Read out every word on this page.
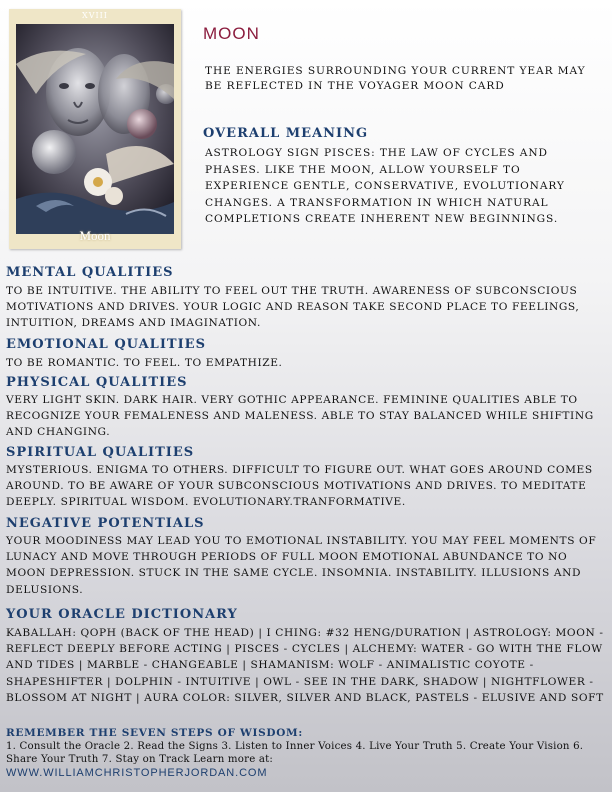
XVIII
Moon
MOON

THE ENERGIES SURROUNDING YOUR CURRENT YEAR MAY BE REFLECTED IN THE VOYAGER MOON CARD

OVERALL MEANING

ASTROLOGY SIGN PISCES: THE LAW OF CYCLES AND PHASES. LIKE THE MOON, ALLOW YOURSELF TO EXPERIENCE GENTLE, CONSERVATIVE, EVOLUTIONARY CHANGES. A TRANSFORMATION IN WHICH NATURAL COMPLETIONS CREATE INHERENT NEW BEGINNINGS.

MENTAL QUALITIES

TO BE INTUITIVE. THE ABILITY TO FEEL OUT THE TRUTH. AWARENESS OF SUBCONSCIOUS MOTIVATIONS AND DRIVES. YOUR LOGIC AND REASON TAKE SECOND PLACE TO FEELINGS, INTUITION, DREAMS AND IMAGINATION.

EMOTIONAL QUALITIES

TO BE ROMANTIC. TO FEEL. TO EMPATHIZE.

PHYSICAL QUALITIES

VERY LIGHT SKIN. DARK HAIR. VERY GOTHIC APPEARANCE. FEMININE QUALITIES ABLE TO RECOGNIZE YOUR FEMALENESS AND MALENESS. ABLE TO STAY BALANCED WHILE SHIFTING AND CHANGING.

SPIRITUAL QUALITIES

MYSTERIOUS. ENIGMA TO OTHERS. DIFFICULT TO FIGURE OUT. WHAT GOES AROUND COMES AROUND. TO BE AWARE OF YOUR SUBCONSCIOUS MOTIVATIONS AND DRIVES. TO MEDITATE DEEPLY. SPIRITUAL WISDOM. EVOLUTIONARY.TRANFORMATIVE.

NEGATIVE POTENTIALS

YOUR MOODINESS MAY LEAD YOU TO EMOTIONAL INSTABILITY. YOU MAY FEEL MOMENTS OF LUNACY AND MOVE THROUGH PERIODS OF FULL MOON EMOTIONAL ABUNDANCE TO NO MOON DEPRESSION. STUCK IN THE SAME CYCLE. INSOMNIA. INSTABILITY. ILLUSIONS AND DELUSIONS.

YOUR ORACLE DICTIONARY

KABALLAH: QOPH (BACK OF THE HEAD) | I CHING: #32 HENG/DURATION | ASTROLOGY: MOON - REFLECT DEEPLY BEFORE ACTING | PISCES - CYCLES | ALCHEMY: WATER - GO WITH THE FLOW AND TIDES | MARBLE - CHANGEABLE | SHAMANISM: WOLF - ANIMALISTIC COYOTE - SHAPESHIFTER | DOLPHIN - INTUITIVE | OWL - SEE IN THE DARK, SHADOW | NIGHTFLOWER - BLOSSOM AT NIGHT | AURA COLOR: SILVER, SILVER AND BLACK, PASTELS - ELUSIVE AND SOFT

REMEMBER THE SEVEN STEPS OF WISDOM:

1. Consult the Oracle 2. Read the Signs 3. Listen to Inner Voices 4. Live Your Truth 5. Create Your Vision 6. Share Your Truth 7. Stay on Track Learn more at:

WWW.WILLIAMCHRISTOPHERJORDAN.COM
